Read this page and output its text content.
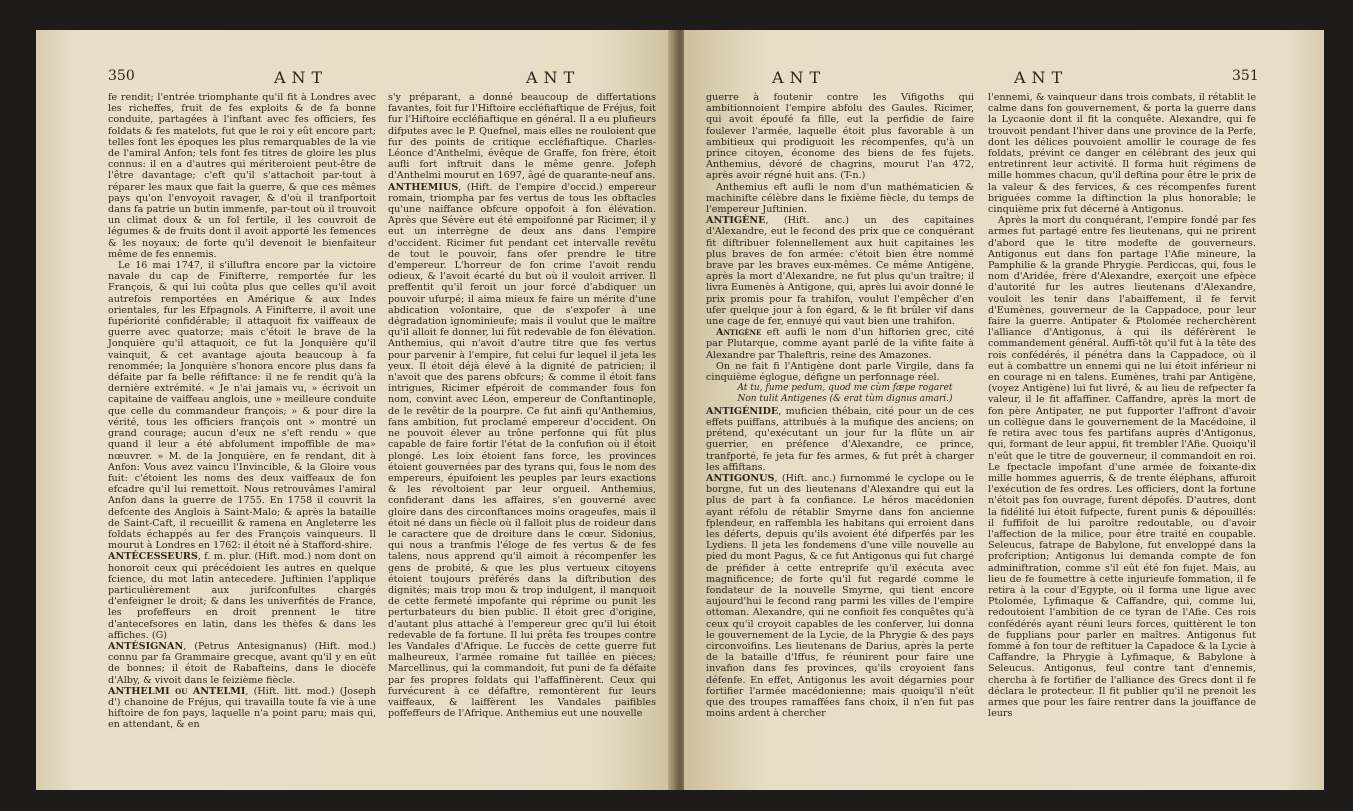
350	ANT	ANT

fe rendit; l'entrée triomphante qu'il fit à Londres avec les richeffes, fruit de fes exploits & de fa bonne conduite, partagées à l'inftant avec fes officiers, fes foldats & fes matelots, fut que le roi y eût encore part; telles font les époques les plus remarquables de la vie de l'amiral Anfon; tels font fes titres de gloire les plus connus: il en a d'autres qui mériteroient peut-être de l'être davantage; c'eft qu'il s'attachoit par-tout à réparer les maux que fait la guerre, & que ces mêmes pays qu'on l'envoyoit ravager, & d'où il tranfportoit dans fa patrie un butin immenfe, par-tout où il trouvoit un climat doux & un fol fertile, il les couvroit de légumes & de fruits dont il avoit apporté les femences & les noyaux; de forte qu'il devenoit le bienfaiteur même de fes ennemis.

Le 16 mai 1747, il s'illuftra encore par la victoire navale du cap de Finifterre, remportée fur les François, & qui lui coûta plus que celles qu'il avoit autrefois remportées en Amérique & aux Indes orientales, fur les Efpagnols. A Finifterre, il avoit une fupériorité confidérable; il attaquoit fix vaiffeaux de guerre avec quatorze; mais c'étoit le brave de la Jonquière qu'il attaquoit, ce fut la Jonquière qu'il vainquit, & cet avantage ajouta beaucoup à fa renommée; la Jonquière s'honora encore plus dans fa défaite par fa belle réfiftance: il ne fe rendit qu'à la dernière extrémité. « Je n'ai jamais vu, » écrivoit un capitaine de vaiffeau anglois, une » meilleure conduite que celle du commandeur françois; » & pour dire la vérité, tous les officiers françois ont » montré un grand courage; aucun d'eux ne s'eft rendu » que quand il leur a été abfolument impoffible de ma» nœuvrer. » M. de la Jonquière, en fe rendant, dit à Anfon: Vous avez vaincu l'Invincible, & la Gloire vous fuit: c'étoient les noms des deux vaiffeaux de fon efcadre qu'il lui remettoit. Nous retrouvâmes l'amiral Anfon dans la guerre de 1755. En 1758 il couvrit la defcente des Anglois à Saint-Malo; & après la bataille de Saint-Caft, il recueillit & ramena en Angleterre les foldats échappés au fer des François vainqueurs. Il mourut à Londres en 1762: il étoit né à Stafford-shire.

ANTÉCESSEURS, f. m. plur. (Hift. mod.) nom dont on honoroit ceux qui précédoient les autres en quelque fcience, du mot latin antecedere. Juftinien l'applique particulièrement aux jurifconfultes chargés d'enfeigner le droit; & dans les univerfités de France, les profeffeurs en droit prennent le titre d'antecefsores en latin, dans les thèfes & dans les affiches. (G)

ANTÉSIGNAN, (Petrus Antesignanus) (Hift. mod.) connu par fa Grammaire grecque, avant qu'il y en eût de bonnes; il étoit de Rabafteins, dans le diocèfe d'Alby, & vivoit dans le feizième fiècle.

ANTHELMI ou ANTELMI, (Hift. litt. mod.) (Joseph d') chanoine de Fréjus, qui travailla toute fa vie à une hiftoire de fon pays, laquelle n'a point paru; mais qui, en attendant, & en

s'y préparant, a donné beaucoup de differtations favantes, foit fur l'Hiftoire eccléfiaftique de Fréjus, foit fur l'Hiftoire eccléfiaftique en général. Il a eu plufieurs difputes avec le P. Quefnel, mais elles ne rouloient que fur des points de critique eccléfiaftique. Charles-Léonce d'Anthelmi, évêque de Graffe, fon frère, étoit aufli fort inftruit dans le même genre. Jofeph d'Anthelmi mourut en 1697, âgé de quarante-neuf ans.

ANTHEMIUS, (Hift. de l'empire d'occid.) empereur romain, triompha par fes vertus de tous les obftacles qu'une naiffance obfcure oppofoit à fon élévation. Après que Sévère eut été empoifonné par Ricimer, il y eut un interrègne de deux ans dans l'empire d'occident. Ricimer fut pendant cet intervalle revêtu de tout le pouvoir, fans ofer prendre le titre d'empereur. L'horreur de fon crime l'avoit rendu odieux, & l'avoit écarté du but où il vouloit arriver. Il preffentit qu'il feroit un jour forcé d'abdiquer un pouvoir ufurpé; il aima mieux fe faire un mérite d'une abdication volontaire, que de s'expofer à une dégradation ignominieufe; mais il voulut que le maître qu'il alloit fe donner, lui fût redevable de fon élévation. Anthemius, qui n'avoit d'autre titre que fes vertus pour parvenir à l'empire, fut celui fur lequel il jeta les yeux. Il étoit déjà élevé à la dignité de patricien; il n'avoit que des parens obfcurs; & comme il étoit fans intrigues, Ricimer efpéroit de commander fous fon nom, convint avec Léon, empereur de Conftantinople, de le revêtir de la pourpre. Ce fut ainfi qu'Anthemius, fans ambition, fut proclamé empereur d'occident. On ne pouvoit élever au trône perfonne qui fût plus capable de faire fortir l'état de la confufion où il étoit plongé. Les loix étoient fans force, les provinces étoient gouvernées par des tyrans qui, fous le nom des empereurs, épuifoient les peuples par leurs exactions & les révoltoient par leur orgueil. Anthemius, confiderant dans les affaires, s'en gouverné avec gloire dans des circonftances moins orageufes, mais il étoit né dans un fiècle où il falloit plus de roideur dans le caractere que de droiture dans le cœur. Sidonius, qui nous a tranfmis l'éloge de fes vertus & de fes talens, nous apprend qu'il aimoit à récompenfer les gens de probité, & que les plus vertueux citoyens étoient toujours préférés dans la diftribution des dignités; mais trop mou & trop indulgent, il manquoit de cette fermeté impofante qui réprime ou punit les perturbateurs du bien public. Il étoit grec d'origine, d'autant plus attaché à l'empereur grec qu'il lui étoit redevable de fa fortune. Il lui prêta fes troupes contre les Vandales d'Afrique. Le fuccès de cette guerre fut malheureux, l'armée romaine fut taillée en pièces; Marcellinus, qui la commandoit, fut puni de fa défaite par fes propres foldats qui l'affaffinèrent. Ceux qui furvécurent à ce défaftre, remontèrent fur leurs vaiffeaux, & laiffèrent les Vandales paifibles poffeffeurs de l'Afrique. Anthemius eut une nouvelle

ANT	ANT	351

guerre à foutenir contre les Vifigoths qui ambitionnoient l'empire abfolu des Gaules. Ricimer, qui avoit époufé fa fille, eut la perfidie de faire foulever l'armée, laquelle étoit plus favorable à un ambitieux qui prodiguoit les récompenfes, qu'à un prince citoyen, économe des biens de fes fujets. Anthemius, dévoré de chagrins, mourut l'an 472, après avoir régné huit ans. (T-n.)

Anthemius eft aufli le nom d'un mathématicien & machinifte célèbre dans le fixième fiècle, du temps de l'empereur Juftinien.

ANTIGÈNE, (Hift. anc.) un des capitaines d'Alexandre, eut le fecond des prix que ce conquérant fit diftribuer folennellement aux huit capitaines les plus braves de fon armée: c'étoit bien être nommé brave par les braves eux-mêmes. Ce même Antigène, après la mort d'Alexandre, ne fut plus qu'un traître; il livra Eumenès à Antigone, qui, après lui avoir donné le prix promis pour fa trahifon, voulut l'empêcher d'en ufer quelque jour à fon égard, & le fit brûler vif dans une cage de fer, ennuyé qui vaut bien une trahifon.

Antigène eft aufli le nom d'un hiftorien grec, cité par Plutarque, comme ayant parlé de la vifite faite à Alexandre par Thaleftris, reine des Amazones.

On ne fait fi l'Antigène dont parle Virgile, dans fa cinquième églogue, défigne un perfonnage réel.

At tu, fume pedum, quod me cùm fæpe rogaret

Non tulit Antigenes (& erat tùm dignus amari.)

ANTIGÉNIDE, muficien thébain, cité pour un de ces effets puiffans, attribués à la mufique des anciens; on prétend, qu'exécutant un jour fur la flûte un air guerrier, en préfence d'Alexandre, ce prince, tranfporté, fe jeta fur fes armes, & fut prêt à charger les affiftans.

ANTIGONUS, (Hift. anc.) furnommé le cyclope ou le borgne, fut un des lieutenans d'Alexandre qui eut la plus de part à fa confiance. Le héros macédonien ayant réfolu de rétablir Smyrne dans fon ancienne fplendeur, en raffembla les habitans qui erroient dans les déferts, depuis qu'ils avoient été difperfés par les Lydiens. Il jeta les fondemens d'une ville nouvelle au pied du mont Pagus, & ce fut Antigonus qui fut chargé de préfider à cette entreprife qu'il exécuta avec magnificence; de forte qu'il fut regardé comme le fondateur de la nouvelle Smyrne, qui tient encore aujourd'hui le fecond rang parmi les villes de l'empire ottoman. Alexandre, qui ne confioit fes conquêtes qu'à ceux qu'il croyoit capables de les conferver, lui donna le gouvernement de la Lycie, de la Phrygie & des pays circonvoifins. Les lieutenans de Darius, après la perte de la bataille d'Iffus, fe réunirent pour faire une invafion dans fes provinces, qu'ils croyoient fans défenfe. En effet, Antigonus les avoit dégarnies pour fortifier l'armée macédonienne; mais quoiqu'il n'eût que des troupes ramaffées fans choix, il n'en fut pas moins ardent à chercher

l'ennemi, & vainqueur dans trois combats, il rétablit le calme dans fon gouvernement, & porta la guerre dans la Lycaonie dont il fit la conquête. Alexandre, qui fe trouvoit pendant l'hiver dans une province de la Perfe, dont les délices pouvoient amollir le courage de fes foldats, prévint ce danger en célébrant des jeux qui entretinrent leur activité. Il forma huit régimens de mille hommes chacun, qu'il deftina pour être le prix de la valeur & des fervices, & ces récompenfes furent briguées comme la diftinction la plus honorable; le cinquième prix fut décerné à Antigonus.

Après la mort du conquérant, l'empire fondé par fes armes fut partagé entre fes lieutenans, qui ne prirent d'abord que le titre modefte de gouverneurs. Antigonus eut dans fon partage l'Afie mineure, la Pamphilie & la grande Phrygie. Perdiccas, qui, fous le nom d'Aridée, frère d'Alexandre, exerçoit une efpèce d'autorité fur les autres lieutenans d'Alexandre, vouloit les tenir dans l'abaiffement, il fe fervit d'Eumènes, gouverneur de la Cappadoce, pour leur faire la guerre. Antipater & Ptolomée recherchèrent l'alliance d'Antigonus, à qui ils déférèrent le commandement général. Auffi-tôt qu'il fut à la tête des rois confédérés, il pénétra dans la Cappadoce, où il eut à combattre un ennemi qui ne lui étoit inférieur ni en courage ni en talens. Eumènes, trahi par Antigène, (voyez Antigène) lui fut livré, & au lieu de refpecter fa valeur, il le fit affaffiner. Caffandre, après la mort de fon père Antipater, ne put fupporter l'affront d'avoir un collègue dans le gouvernement de la Macédoine, il fe retira avec tous fes partifans auprès d'Antigonus, qui, formant de leur appui, fit trembler l'Afie. Quoiqu'il n'eût que le titre de gouverneur, il commandoit en roi. Le fpectacle impofant d'une armée de foixante-dix mille hommes aguerris, & de trente éléphans, affuroit l'exécution de fes ordres. Les officiers, dont la fortune n'étoit pas fon ouvrage, furent dépofés. D'autres, dont la fidélité lui étoit fufpecte, furent punis & dépouillés: il fuffifoit de lui paroître redoutable, ou d'avoir l'affection de la milice, pour être traité en coupable. Seleucus, fatrape de Babylone, fut enveloppé dans la profcription; Antigonus lui demanda compte de fon adminiftration, comme s'il eût été fon fujet. Mais, au lieu de fe foumettre à cette injurieufe fommation, il fe retira à la cour d'Egypte, où il forma une ligue avec Ptolomée, Lyfimaque & Caffandre, qui, comme lui, redoutoient l'ambition de ce tyran de l'Afie. Ces rois confédérés ayant réuni leurs forces, quittèrent le ton de fupplians pour parler en maîtres. Antigonus fut fommé à fon tour de reftituer la Capadoce & la Lycie à Caffandre, la Phrygie à Lyfimaque, & Babylone à Seleucus. Antigonus, feul contre tant d'ennemis, chercha à fe fortifier de l'alliance des Grecs dont il fe déclara le protecteur. Il fit publier qu'il ne prenoit les armes que pour les faire rentrer dans la jouiffance de leurs
